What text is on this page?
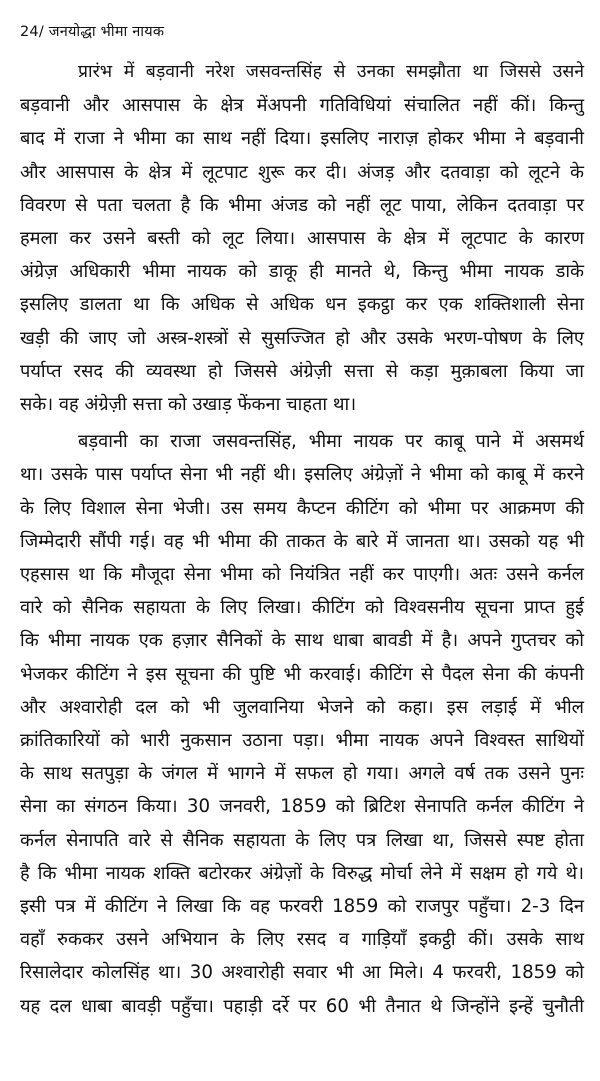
24/ जनयोद्धा भीमा नायक
प्रारंभ में बड़वानी नरेश जसवन्तसिंह से उनका समझौता था जिससे उसने
बड़वानी और आसपास के क्षेत्र मेंअपनी गतिविधियां संचालित नहीं कीं। किन्तु
बाद में राजा ने भीमा का साथ नहीं दिया। इसलिए नाराज़ होकर भीमा ने बड़वानी
और आसपास के क्षेत्र में लूटपाट शुरू कर दी। अंजड़ और दतवाड़ा को लूटने के
विवरण से पता चलता है कि भीमा अंजड को नहीं लूट पाया, लेकिन दतवाड़ा पर
हमला कर उसने बस्ती को लूट लिया। आसपास के क्षेत्र में लूटपाट के कारण
अंग्रेज़ अधिकारी भीमा नायक को डाकू ही मानते थे, किन्तु भीमा नायक डाके
इसलिए डालता था कि अधिक से अधिक धन इकट्ठा कर एक शक्तिशाली सेना
खड़ी की जाए जो अस्त्र-शस्त्रों से सुसज्जित हो और उसके भरण-पोषण के लिए
पर्याप्त रसद की व्यवस्था हो जिससे अंग्रेज़ी सत्ता से कड़ा मुक़ाबला किया जा
सके। वह अंग्रेज़ी सत्ता को उखाड़ फेंकना चाहता था।
बड़वानी का राजा जसवन्तसिंह, भीमा नायक पर काबू पाने में असमर्थ
था। उसके पास पर्याप्त सेना भी नहीं थी। इसलिए अंग्रेज़ों ने भीमा को काबू में करने
के लिए विशाल सेना भेजी। उस समय कैप्टन कीटिंग को भीमा पर आक्रमण की
जिम्मेदारी सौंपी गई। वह भी भीमा की ताकत के बारे में जानता था। उसको यह भी
एहसास था कि मौजूदा सेना भीमा को नियंत्रित नहीं कर पाएगी। अतः उसने कर्नल
वारे को सैनिक सहायता के लिए लिखा। कीटिंग को विश्वसनीय सूचना प्राप्त हुई
कि भीमा नायक एक हज़ार सैनिकों के साथ धाबा बावडी में है। अपने गुप्तचर को
भेजकर कीटिंग ने इस सूचना की पुष्टि भी करवाई। कीटिंग से पैदल सेना की कंपनी
और अश्वारोही दल को भी जुलवानिया भेजने को कहा। इस लड़ाई में भील
क्रांतिकारियों को भारी नुकसान उठाना पड़ा। भीमा नायक अपने विश्वस्त साथियों
के साथ सतपुड़ा के जंगल में भागने में सफल हो गया। अगले वर्ष तक उसने पुनः
सेना का संगठन किया। 30 जनवरी, 1859 को ब्रिटिश सेनापति कर्नल कीटिंग ने
कर्नल सेनापति वारे से सैनिक सहायता के लिए पत्र लिखा था, जिससे स्पष्ट होता
है कि भीमा नायक शक्ति बटोरकर अंग्रेज़ों के विरुद्ध मोर्चा लेने में सक्षम हो गये थे।
इसी पत्र में कीटिंग ने लिखा कि वह फरवरी 1859 को राजपुर पहुँचा। 2-3 दिन
वहाँ रुककर उसने अभियान के लिए रसद व गाड़ियाँ इकट्ठी कीं। उसके साथ
रिसालेदार कोलसिंह था। 30 अश्वारोही सवार भी आ मिले। 4 फरवरी, 1859 को
यह दल धाबा बावड़ी पहुँचा। पहाड़ी दर्रे पर 60 भी तैनात थे जिन्होंने इन्हें चुनौती
